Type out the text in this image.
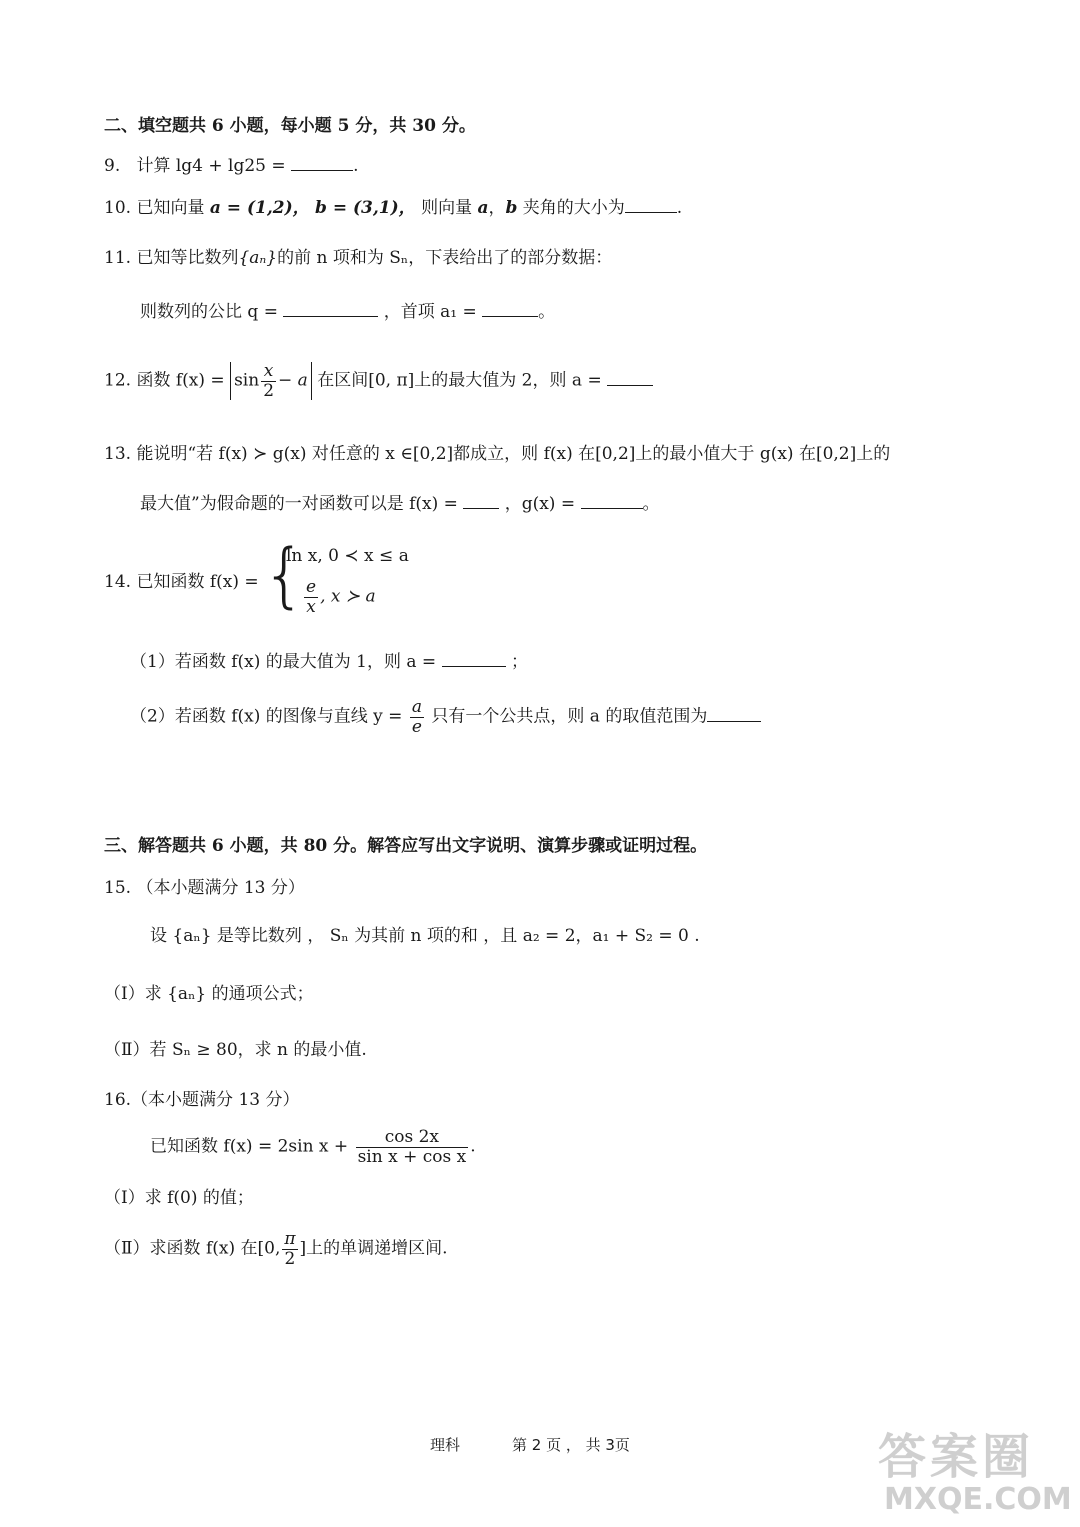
二、填空题共 6 小题，每小题 5 分，共 30 分。
9. 计算 lg4 + lg25 =	.
10. 已知向量 a = (1,2)， b = (3,1)， 则向量 a，b 夹角的大小为	.
11. 已知等比数列{aₙ}的前 n 项和为 Sₙ，下表给出了的部分数据：
则数列的公比 q =	，首项 a₁ =	。
12. 函数 $f(x) = \sin \frac{x}{2} - a$ 在区间[0, π]上的最大值为 2，则 a =
13. 能说明“若 f(x) ≻ g(x) 对任意的 x ∈[0,2]都成立，则 f(x) 在[0,2]上的最小值大于 g(x) 在[0,2]上的
最大值”为假命题的一对函数可以是 f(x) =	，g(x) =	。
14. 已知函数 f(x) = {
ln x, 0 ≺ x ≤ a
$\frac{e}{x}$ , x ≻ a
（1）若函数 f(x) 的最大值为 1，则 a =	；
（2）若函数 f(x) 的图像与直线 $y = \frac{a}{e}$ 只有一个公共点，则 a 的取值范围为
三、解答题共 6 小题，共 80 分。解答应写出文字说明、演算步骤或证明过程。
15. （本小题满分 13 分）
设 {aₙ} 是等比数列 ， Sₙ 为其前 n 项的和 ，且 a₂ = 2，a₁ + S₂ = 0 .
（Ⅰ）求 {aₙ} 的通项公式；
（Ⅱ）若 Sₙ ≥ 80，求 n 的最小值.
16.（本小题满分 13 分）
已知函数 f(x) = 2sin $x + \frac{\cos 2x}{\text{sin x + cos x}}$ .
（Ⅰ）求 f(0) 的值；
（Ⅱ）求函数 f(x) 在[0, $\frac{\pi}{2}$ ]上的单调递增区间.
理科	第 2 页 ， 共 3页	答案圈
MXQE.COM
